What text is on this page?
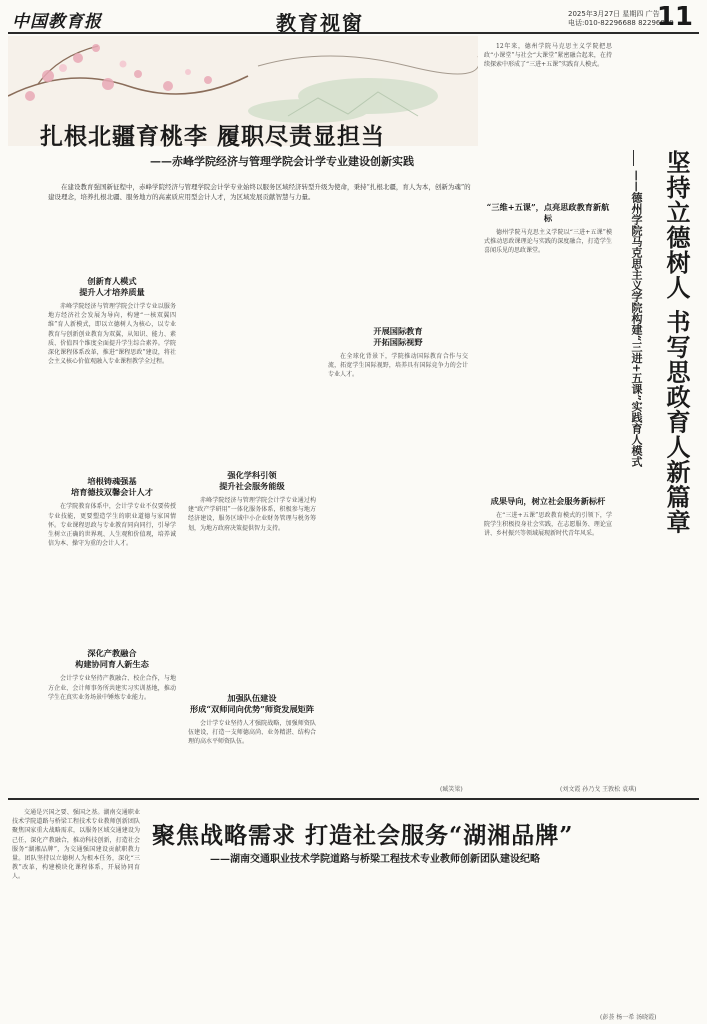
中国教育报	教育视窗	2025年3月27日 星期四 广告
电话:010-82296688 82296879
11
扎根北疆育桃李 履职尽责显担当
——赤峰学院经济与管理学院会计学专业建设创新实践
在建设教育强国新征程中，赤峰学院经济与管理学院会计学专业始终以服务区域经济转型升级为使命，秉持“扎根北疆，育人为本，创新为魂”的建设理念，培养扎根北疆、服务地方的高素质应用型会计人才，为区域发展贡献智慧与力量。
创新育人模式
提升人才培养质量

赤峰学院经济与管理学院会计学专业以服务地方经济社会发展为导向，构建“一核双翼四维”育人新模式，即以立德树人为核心，以专业教育与创新创业教育为双翼，从知识、能力、素质、价值四个维度全面提升学生综合素养。学院深化课程体系改革，推进“课程思政”建设，将社会主义核心价值观融入专业课程教学全过程。

培根铸魂强基
培育德技双馨会计人才

在学院教育体系中，会计学专业不仅要传授专业技能，更要塑造学生的职业道德与家国情怀。专业课程思政与专业教育同向同行，引导学生树立正确的世界观、人生观和价值观，培养诚信为本、操守为重的会计人才。

深化产教融合
构建协同育人新生态

会计学专业坚持产教融合、校企合作，与地方企业、会计师事务所共建实习实训基地，推动学生在真实业务场景中锤炼专业能力。

强化学科引领
提升社会服务能级

赤峰学院经济与管理学院会计学专业通过构建“政产学研用”一体化服务体系，积极参与地方经济建设，服务区域中小企业财务管理与税务筹划，为地方政府决策提供智力支持。

加强队伍建设
形成“双师同向优势”师资发展矩阵

会计学专业坚持人才强院战略，加强师资队伍建设，打造一支师德高尚、业务精湛、结构合理的高水平师资队伍。

开展国际教育
开拓国际视野

在全球化背景下，学院推动国际教育合作与交流，拓宽学生国际视野，培养具有国际竞争力的会计专业人才。

(臧笑梁)

12年来，德州学院马克思主义学院把思政“小课堂”与社会“大课堂”紧密融合起来，在持续探索中形成了“三进+五课”实践育人模式。

坚持立德树人 书写思政育人新篇章
——德州学院马克思主义学院构建“三进+五课”实践育人模式
“三维+五课”，点亮思政教育新航标

德州学院马克思主义学院以“三进+五课”模式推动思政课理论与实践的深度融合，打造学生喜闻乐见的思政课堂。

成果导向，树立社会服务新标杆

在“三进+五课”思政教育模式的引领下，学院学生积极投身社会实践，在志愿服务、理论宣讲、乡村振兴等领域展现新时代青年风采。

(刘文霞 孙乃戈 王敦松 袁琪)

交通是兴国之要、强国之基。湖南交通职业技术学院道路与桥梁工程技术专业教师创新团队聚焦国家重大战略需求，以服务区域交通建设为己任，深化产教融合，推动科技创新，打造社会服务“湖湘品牌”，为交通强国建设贡献职教力量。团队坚持以立德树人为根本任务，深化“三教”改革，构建模块化课程体系，开展协同育人。

聚焦战略需求 打造社会服务“湖湘品牌”
——湖南交通职业技术学院道路与桥梁工程技术专业教师创新团队建设纪略
(彭荟 杨一希 汤晓霞)
